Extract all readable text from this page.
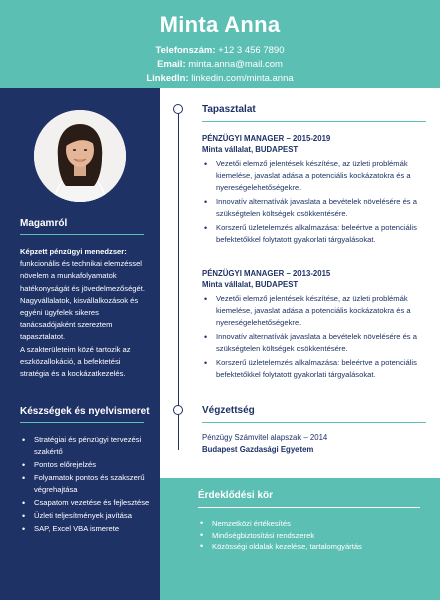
Minta Anna
Telefonszám: +12 3 456 7890
Email: minta.anna@mail.com
LinkedIn: linkedin.com/minta.anna
Magamról
Képzett pénzügyi menedzser: funkcionális és technikai elemzéssel növelem a munkafolyamatok hatékonyságát és jövedelmezőségét. Nagyvállalatok, kisvállalkozások és egyéni ügyfelek sikeres tanácsadójaként szereztem tapasztalatot.
A szakterületeim közé tartozik az eszközallokáció, a befektetési stratégia és a kockázatkezelés.
Készségek és nyelvismeret
• Stratégiai és pénzügyi tervezési szakértő
• Pontos előrejelzés
• Folyamatok pontos és szakszerű végrehajtása
• Csapatom vezetése és fejlesztése
• Üzleti teljesítmények javítása
• SAP, Excel VBA ismerete
Tapasztalat
PÉNZÜGYI MANAGER – 2015-2019
Minta vállalat, BUDAPEST
• Vezetői elemző jelentések készítése, az üzleti problémák kiemelése, javaslat adása a potenciális kockázatokra és a nyereségelehetőségekre.
• Innovatív alternatívák javaslata a bevételek növelésére és a szükségtelen költségek csökkentésére.
• Korszerű üzletelemzés alkalmazása: beleértve a potenciális befektetőkkel folytatott gyakorlati tárgyalásokat.
PÉNZÜGYI MANAGER – 2013-2015
Minta vállalat, BUDAPEST
• Vezetői elemző jelentések készítése, az üzleti problémák kiemelése, javaslat adása a potenciális kockázatokra és a nyereségelehetőségekre.
• Innovatív alternatívák javaslata a bevételek növelésére és a szükségtelen költségek csökkentésére.
• Korszerű üzletelemzés alkalmazása: beleértve a potenciális befektetőkkel folytatott gyakorlati tárgyalásokat.
Végzettség
Pénzügy Számvitel alapszak – 2014
Budapest Gazdasági Egyetem
Érdeklődési kör
• Nemzetközi értékesítés
• Minőségbiztosítási rendszerek
• Közösségi oldalak kezelése, tartalomgyártás
